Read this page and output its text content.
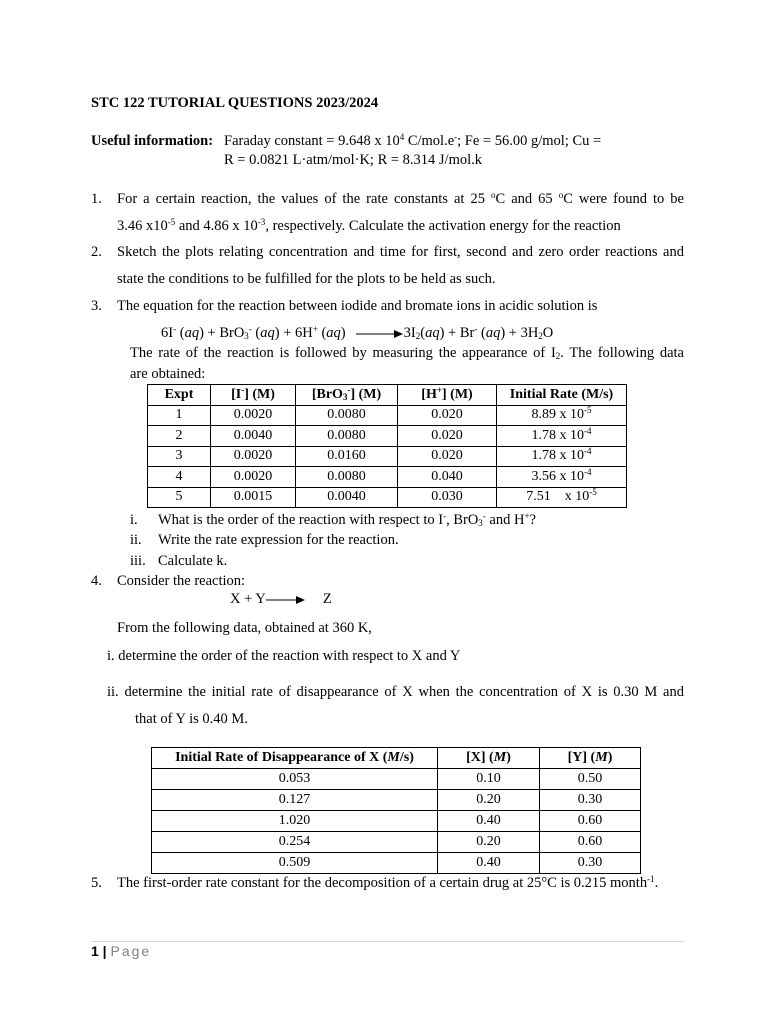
STC 122 TUTORIAL QUESTIONS 2023/2024
Useful information: Faraday constant = 9.648 x $10^4$ C/mol.e-; Fe = 56.00 g/mol; Cu =
R = 0.0821 L·atm/mol·K; R = 8.314 J/mol.k
1. For a certain reaction, the values of the rate constants at 25 $^o$C and 65 $^o$C were found to be
3.46 $x10^{-5}$ and 4.86 x $10^{-3}$, respectively. Calculate the activation energy for the reaction
2. Sketch the plots relating concentration and time for first, second and zero order reactions and
state the conditions to be fulfilled for the plots to be held as such.
3. The equation for the reaction between iodide and bromate ions in acidic solution is
6I- (aq) + BrO$_3$- (aq) + 6H+ $(aq) \to 3I_2(aq) + Br^-$ $(aq) + 3H_2O$
The rate of the reaction is followed by measuring the appearance of $I_2$. The following data
are obtained:
Expt	[I-] (M)	[BrO$_3$-] (M)	[H+] (M)	Initial Rate (M/s)
1	0.0020	0.0080	0.020	8.89 x $10^{-5}$
2	0.0040	0.0080	0.020	1.78 x $10^{-4}$
3	0.0020	0.0160	0.020	1.78 x $10^{-4}$
4	0.0020	0.0080	0.040	3.56 x $10^{-4}$
5	0.0015	0.0040	0.030	7.51    x $10^{-5}$
i. What is the order of the reaction with respect to I-, BrO$_3$- and H+?
ii. Write the rate expression for the reaction.
iii. Calculate k.
4. Consider the reaction:
X + Y→ Z
From the following data, obtained at 360 K,
i. determine the order of the reaction with respect to X and Y
ii. determine the initial rate of disappearance of X when the concentration of X is 0.30 M and
that of Y is 0.40 M.
Initial Rate of Disappearance of X (M/s)	[X] (M)	[Y] (M)
0.053	0.10	0.50
0.127	0.20	0.30
1.020	0.40	0.60
0.254	0.20	0.60
0.509	0.40	0.30
5. The first-order rate constant for the decomposition of a certain drug at 25°C is 0.215 month$^{-1}$.
1 | Page
